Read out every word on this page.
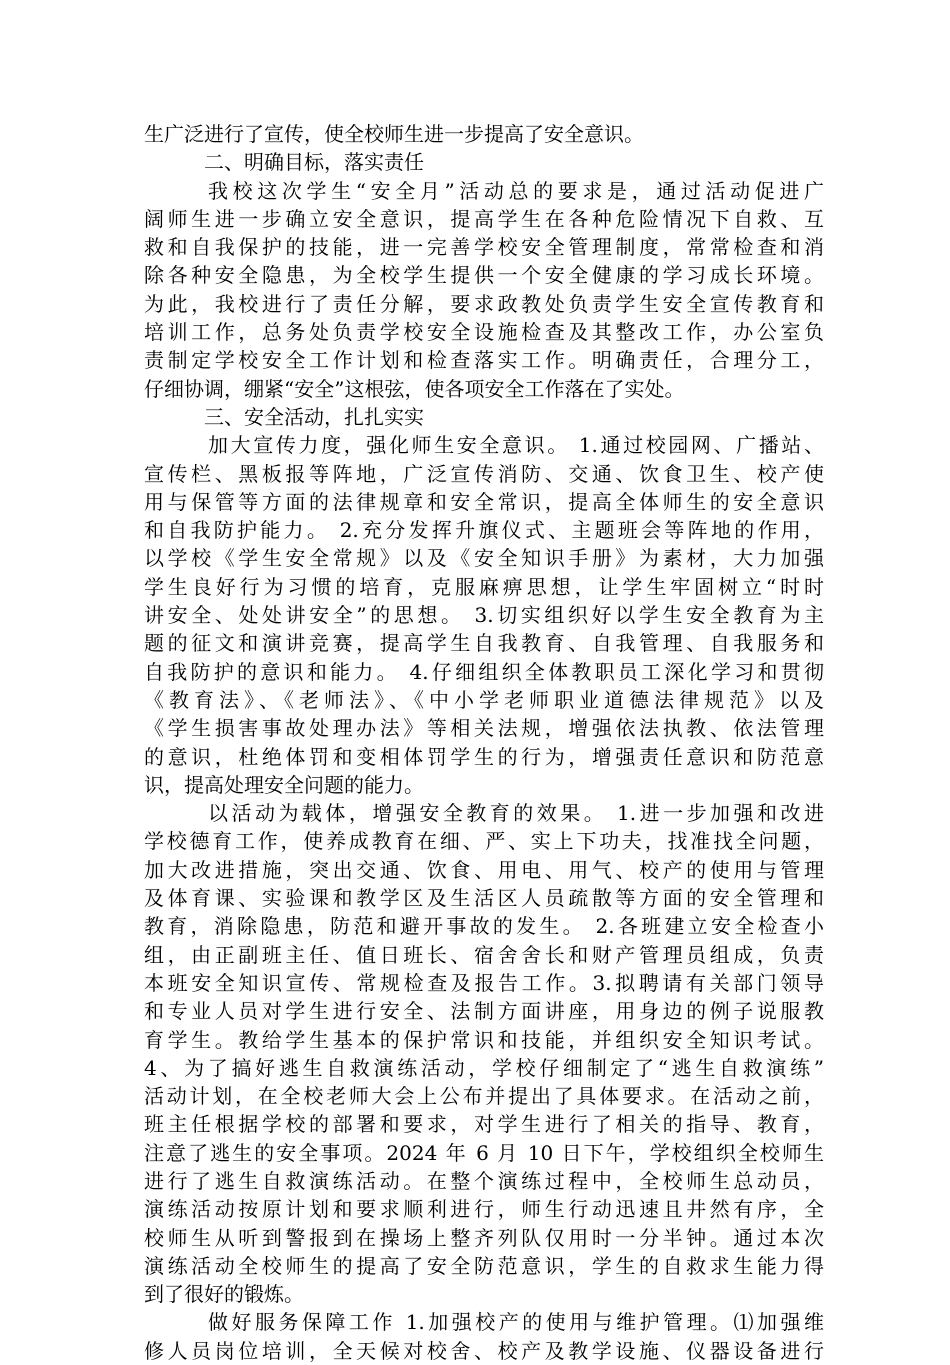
生广泛进行了宣传，使全校师生进一步提高了安全意识。
二、明确目标，落实责任
我校这次学生“安全月”活动总的要求是，通过活动促进广
阔师生进一步确立安全意识，提高学生在各种危险情况下自救、互
救和自我保护的技能，进一完善学校安全管理制度，常常检查和消
除各种安全隐患，为全校学生提供一个安全健康的学习成长环境。
为此，我校进行了责任分解，要求政教处负责学生安全宣传教育和
培训工作，总务处负责学校安全设施检查及其整改工作，办公室负
责制定学校安全工作计划和检查落实工作。明确责任，合理分工，
仔细协调，绷紧“安全”这根弦，使各项安全工作落在了实处。
三、安全活动，扎扎实实
加大宣传力度，强化师生安全意识。 1.通过校园网、广播站、
宣传栏、黑板报等阵地，广泛宣传消防、交通、饮食卫生、校产使
用与保管等方面的法律规章和安全常识，提高全体师生的安全意识
和自我防护能力。 2.充分发挥升旗仪式、主题班会等阵地的作用，
以学校《学生安全常规》以及《安全知识手册》为素材，大力加强
学生良好行为习惯的培育，克服麻痹思想，让学生牢固树立“时时
讲安全、处处讲安全”的思想。 3.切实组织好以学生安全教育为主
题的征文和演讲竞赛，提高学生自我教育、自我管理、自我服务和
自我防护的意识和能力。 4.仔细组织全体教职员工深化学习和贯彻
《教育法》、《老师法》、《中小学老师职业道德法律规范》以及
《学生损害事故处理办法》等相关法规，增强依法执教、依法管理
的意识，杜绝体罚和变相体罚学生的行为，增强责任意识和防范意
识，提高处理安全问题的能力。
以活动为载体，增强安全教育的效果。 1.进一步加强和改进
学校德育工作，使养成教育在细、严、实上下功夫，找准找全问题，
加大改进措施，突出交通、饮食、用电、用气、校产的使用与管理
及体育课、实验课和教学区及生活区人员疏散等方面的安全管理和
教育，消除隐患，防范和避开事故的发生。 2.各班建立安全检查小
组，由正副班主任、值日班长、宿舍舍长和财产管理员组成，负责
本班安全知识宣传、常规检查及报告工作。3.拟聘请有关部门领导
和专业人员对学生进行安全、法制方面讲座，用身边的例子说服教
育学生。教给学生基本的保护常识和技能，并组织安全知识考试。
4、为了搞好逃生自救演练活动，学校仔细制定了“逃生自救演练”
活动计划，在全校老师大会上公布并提出了具体要求。在活动之前，
班主任根据学校的部署和要求，对学生进行了相关的指导、教育，
注意了逃生的安全事项。2024 年 6 月 10 日下午，学校组织全校师生
进行了逃生自救演练活动。在整个演练过程中，全校师生总动员，
演练活动按原计划和要求顺利进行，师生行动迅速且井然有序，全
校师生从听到警报到在操场上整齐列队仅用时一分半钟。通过本次
演练活动全校师生的提高了安全防范意识，学生的自救求生能力得
到了很好的锻炼。
做好服务保障工作 1.加强校产的使用与维护管理。⑴加强维
修人员岗位培训，全天候对校舍、校产及教学设施、仪器设备进行
